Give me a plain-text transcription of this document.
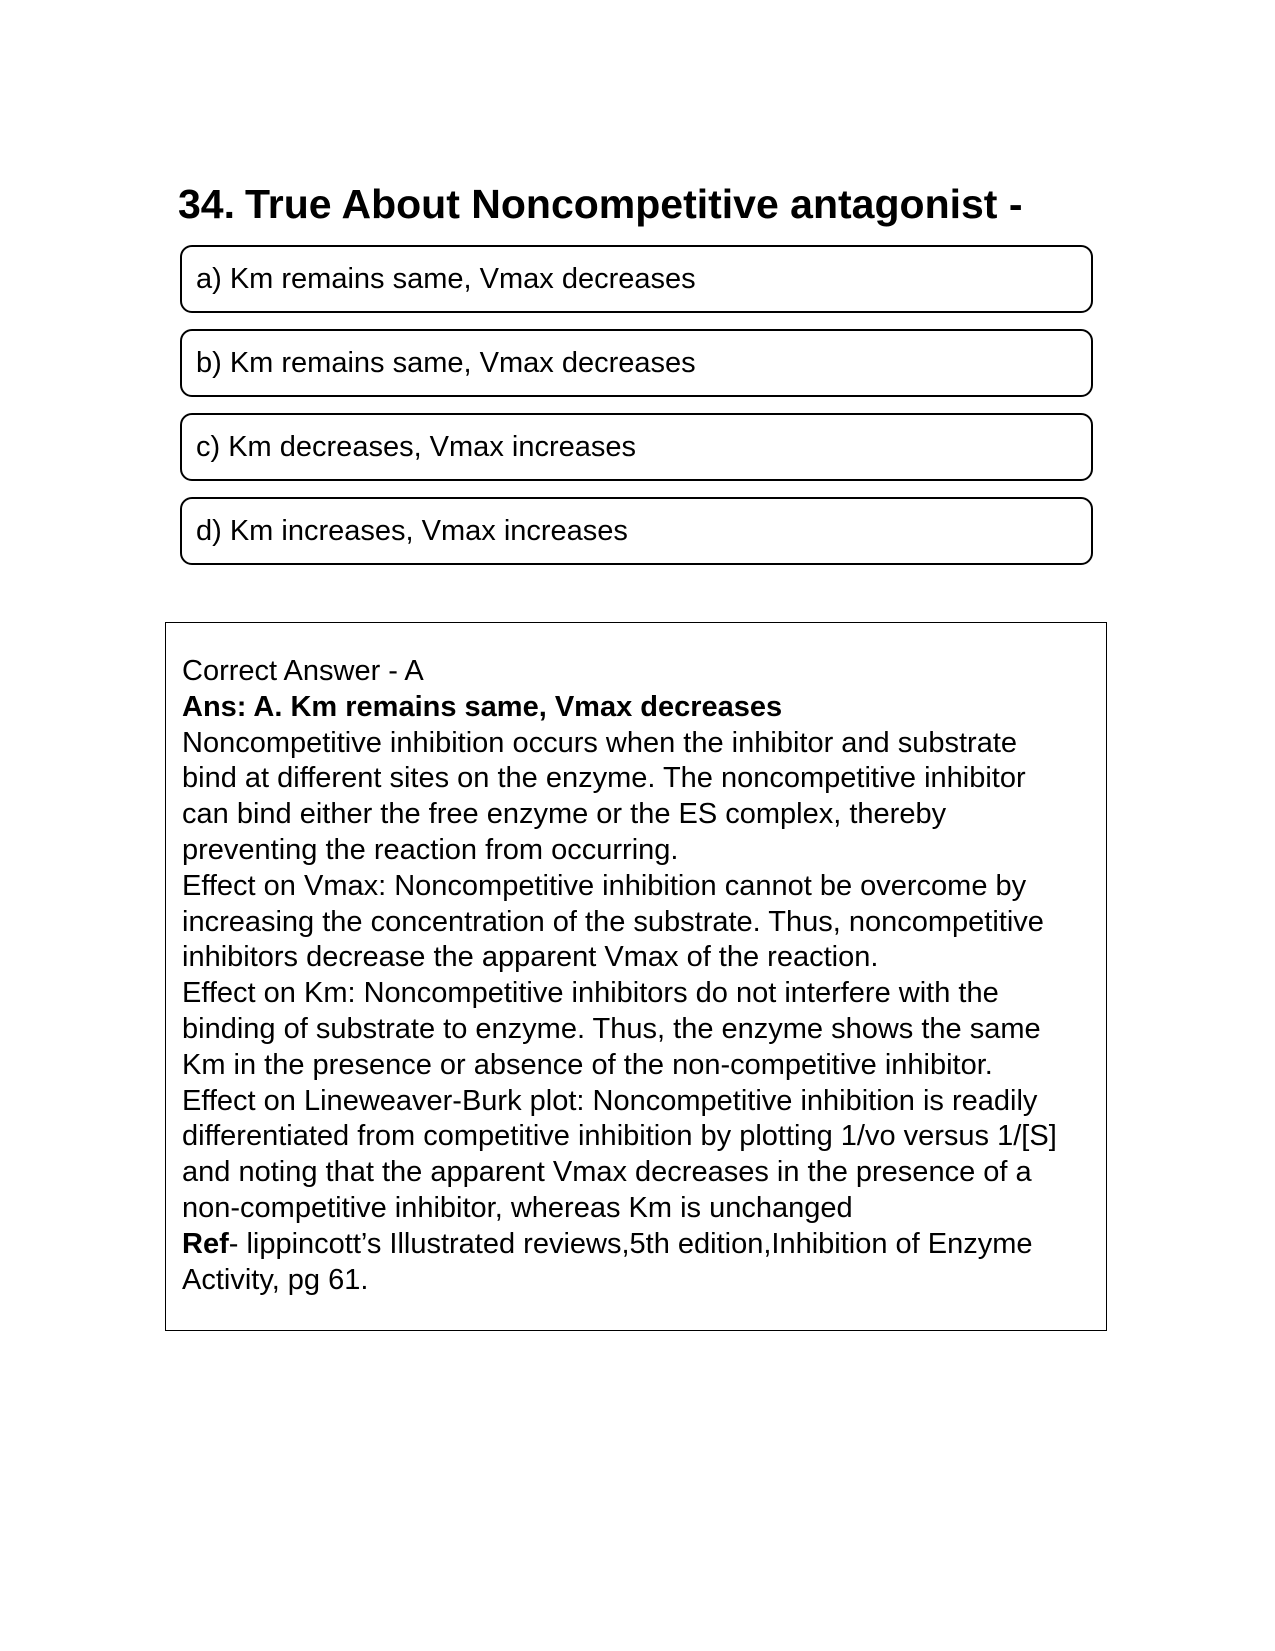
34. True About Noncompetitive antagonist -
a) Km remains same, Vmax decreases
b) Km remains same, Vmax decreases
c) Km decreases, Vmax increases
d) Km increases, Vmax increases
Correct Answer - A
Ans: A. Km remains same, Vmax decreases
Noncompetitive inhibition occurs when the inhibitor and substrate
bind at different sites on the enzyme. The noncompetitive inhibitor
can bind either the free enzyme or the ES complex, thereby
preventing the reaction from occurring.
Effect on Vmax: Noncompetitive inhibition cannot be overcome by
increasing the concentration of the substrate. Thus, noncompetitive
inhibitors decrease the apparent Vmax of the reaction.
Effect on Km: Noncompetitive inhibitors do not interfere with the
binding of substrate to enzyme. Thus, the enzyme shows the same
Km in the presence or absence of the non-competitive inhibitor.
Effect on Lineweaver-Burk plot: Noncompetitive inhibition is readily
differentiated from competitive inhibition by plotting 1/vo versus 1/[S]
and noting that the apparent Vmax decreases in the presence of a
non-competitive inhibitor, whereas Km is unchanged
Ref- lippincott’s Illustrated reviews,5th edition,Inhibition of Enzyme
Activity, pg 61.
